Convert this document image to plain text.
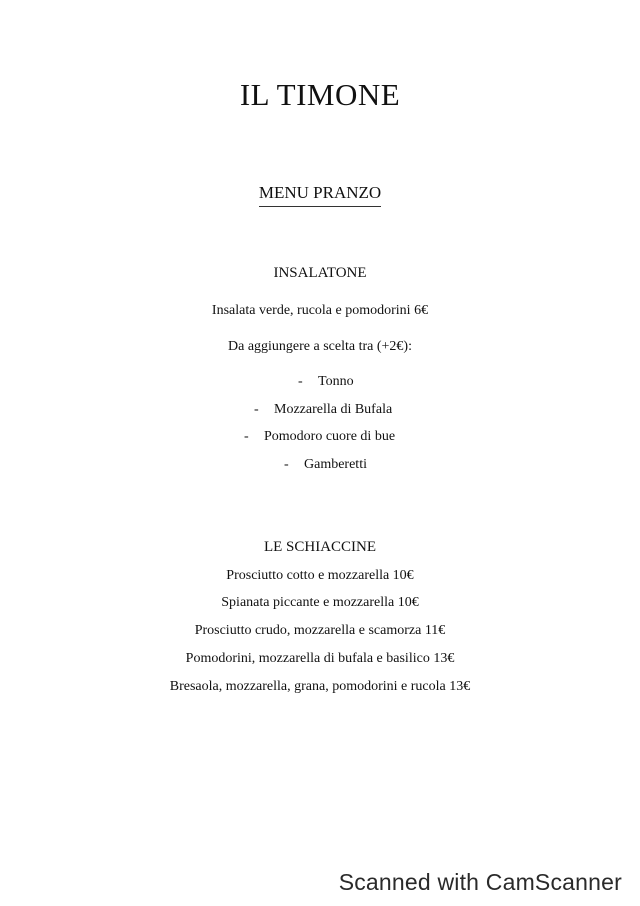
IL TIMONE
MENU PRANZO
INSALATONE
Insalata verde, rucola e pomodorini 6€
Da aggiungere a scelta tra (+2€):
- Tonno
- Mozzarella di Bufala
- Pomodoro cuore di bue
- Gamberetti
LE SCHIACCINE
Prosciutto cotto e mozzarella 10€
Spianata piccante e mozzarella 10€
Prosciutto crudo, mozzarella e scamorza 11€
Pomodorini, mozzarella di bufala e basilico 13€
Bresaola, mozzarella, grana, pomodorini e rucola 13€
Scanned with CamScanner
